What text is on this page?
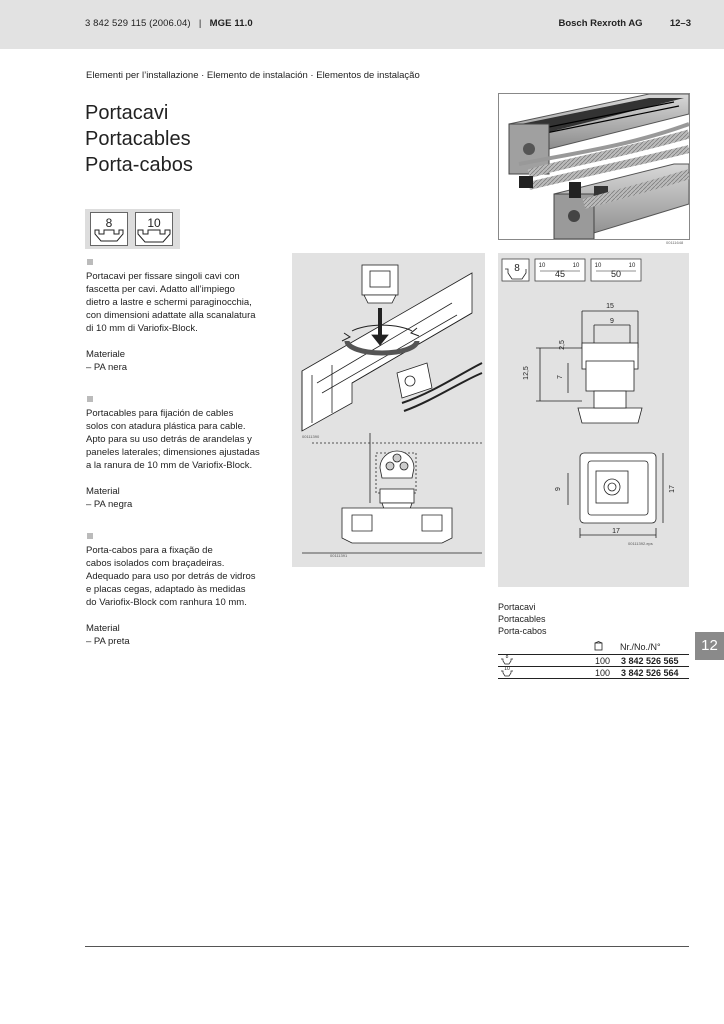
3 842 529 115 (2006.04) | MGE 11.0	Bosch Rexroth AG	12–3
Elementi per l’installazione · Elemento de instalación · Elementos de instalação
Portacavi
Portacables
Porta-cabos
8	10
Portacavi per fissare singoli cavi con
fascetta per cavi. Adatto all’impiego
dietro a lastre e schermi paraginocchia,
con dimensioni adattate alla scanalatura
di 10 mm di Variofix-Block.
Materiale
– PA nera
Portacables para fijación de cables
solos con atadura plástica para cable.
Apto para su uso detrás de arandelas y
paneles laterales; dimensiones ajustadas
a la ranura de 10 mm de Variofix-Block.
Material
– PA negra
Porta-cabos para a fixação de
cabos isolados com braçadeiras.
Adequado para uso por detrás de vidros
e placas cegas, adaptado às medidas
do Variofix-Block com ranhura 10 mm.
Material
– PA preta
00111648
00111390
00111391
8	10
45
10	10
50
10
15
9
2,5
12,5	7
9	17
17
00111392.eps
Portacavi
Portacables
Porta-cabos
Nr./No./N°
8	100 3 842 526 565
10	100 3 842 526 564
12
